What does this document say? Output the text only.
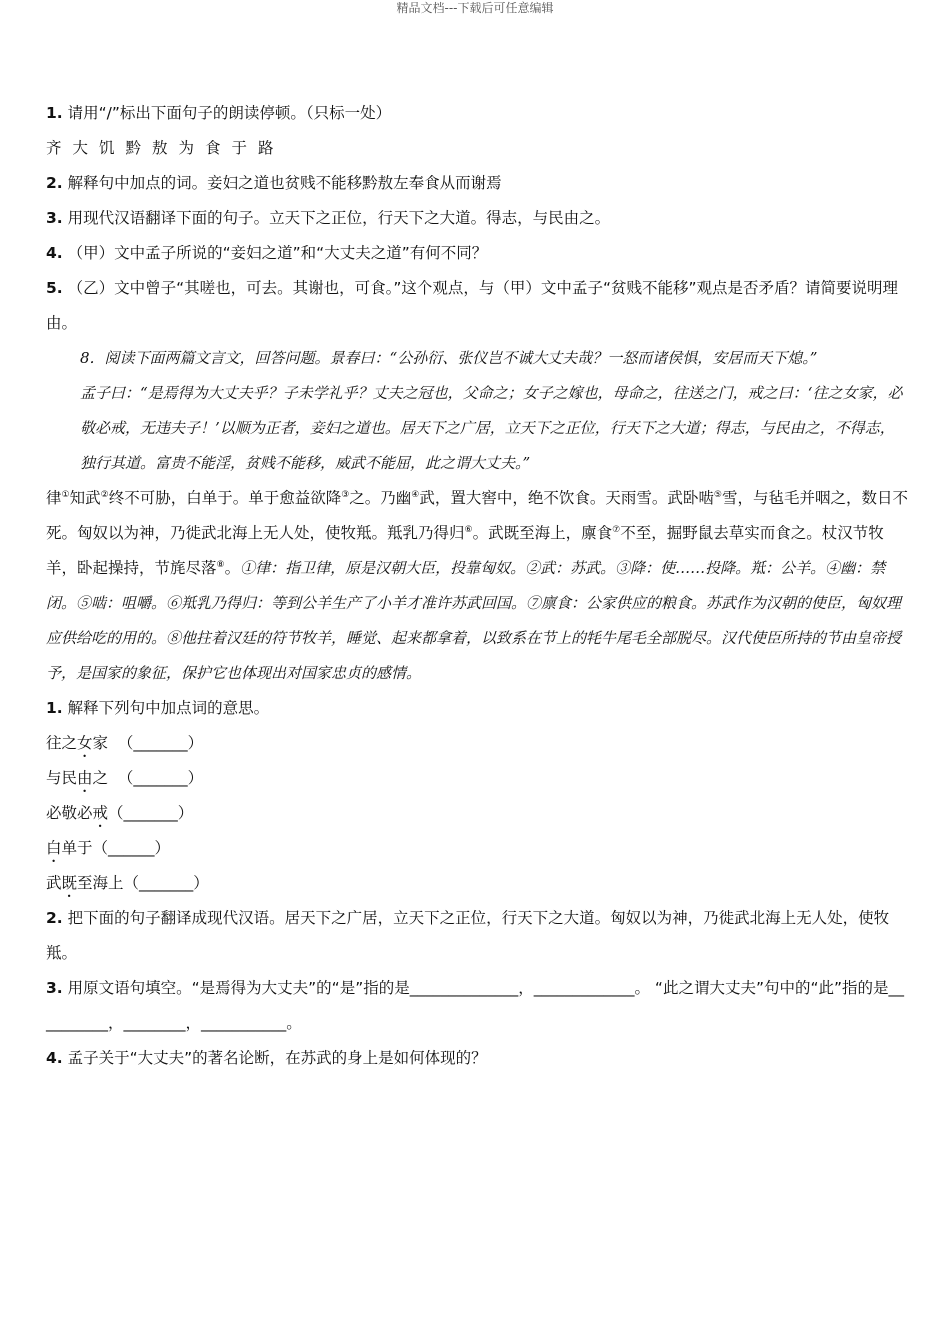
精品文档---下载后可任意编辑
1. 请用“/”标出下面句子的朗读停顿。（只标一处）
齐大饥黔敖为食于路
2. 解释句中加点的词。妾妇之道也贫贱不能移黔敖左奉食从而谢焉
3. 用现代汉语翻译下面的句子。立天下之正位，行天下之大道。得志，与民由之。
4. （甲）文中孟子所说的“妾妇之道”和“大丈夫之道”有何不同？
5. （乙）文中曾子“其嗟也，可去。其谢也，可食。”这个观点，与（甲）文中孟子“贫贱不能移”观点是否矛盾？请简要说明理由。
8．阅读下面两篇文言文，回答问题。景春曰：“公孙衍、张仪岂不诚大丈夫哉？一怒而诸侯惧，安居而天下熄。”
孟子曰：“是焉得为大丈夫乎？子未学礼乎？丈夫之冠也，父命之；女子之嫁也，母命之，往送之门，戒之曰：‘往之女家，必敬必戒，无违夫子！’以顺为正者，妾妇之道也。居天下之广居，立天下之正位，行天下之大道；得志，与民由之，不得志，独行其道。富贵不能淫，贫贱不能移，威武不能屈，此之谓大丈夫。”
律①知武②终不可胁，白单于。单于愈益欲降③之。乃幽④武，置大窖中，绝不饮食。天雨雪。武卧啮⑤雪，与毡毛并咽之，数日不死。匈奴以为神，乃徙武北海上无人处，使牧羝。羝乳乃得归⑥。武既至海上，廪食⑦不至，掘野鼠去草实而食之。杖汉节牧羊，卧起操持，节旄尽落⑧。①律：指卫律，原是汉朝大臣，投靠匈奴。②武：苏武。③降：使……投降。羝：公羊。④幽：禁闭。⑤啮：咀嚼。⑥羝乳乃得归：等到公羊生产了小羊才准许苏武回国。⑦廪食：公家供应的粮食。苏武作为汉朝的使臣，匈奴理应供给吃的用的。⑧他拄着汉廷的符节牧羊，睡觉、起来都拿着，以致系在节上的牦牛尾毛全部脱尽。汉代使臣所持的节由皇帝授予，是国家的象征，保护它也体现出对国家忠贞的感情。
1. 解释下列句中加点词的意思。
往之女家 （_______）
与民由之 （_______）
必敬必戒（_______）
白单于（______）
武既至海上（_______）
2. 把下面的句子翻译成现代汉语。居天下之广居，立天下之正位，行天下之大道。匈奴以为神，乃徙武北海上无人处，使牧羝。
3. 用原文语句填空。“是焉得为大丈夫”的“是”指的是______________，_____________。 “此之谓大丈夫”句中的“此”指的是__________，________，___________。
4. 孟子关于“大丈夫”的著名论断，在苏武的身上是如何体现的？
